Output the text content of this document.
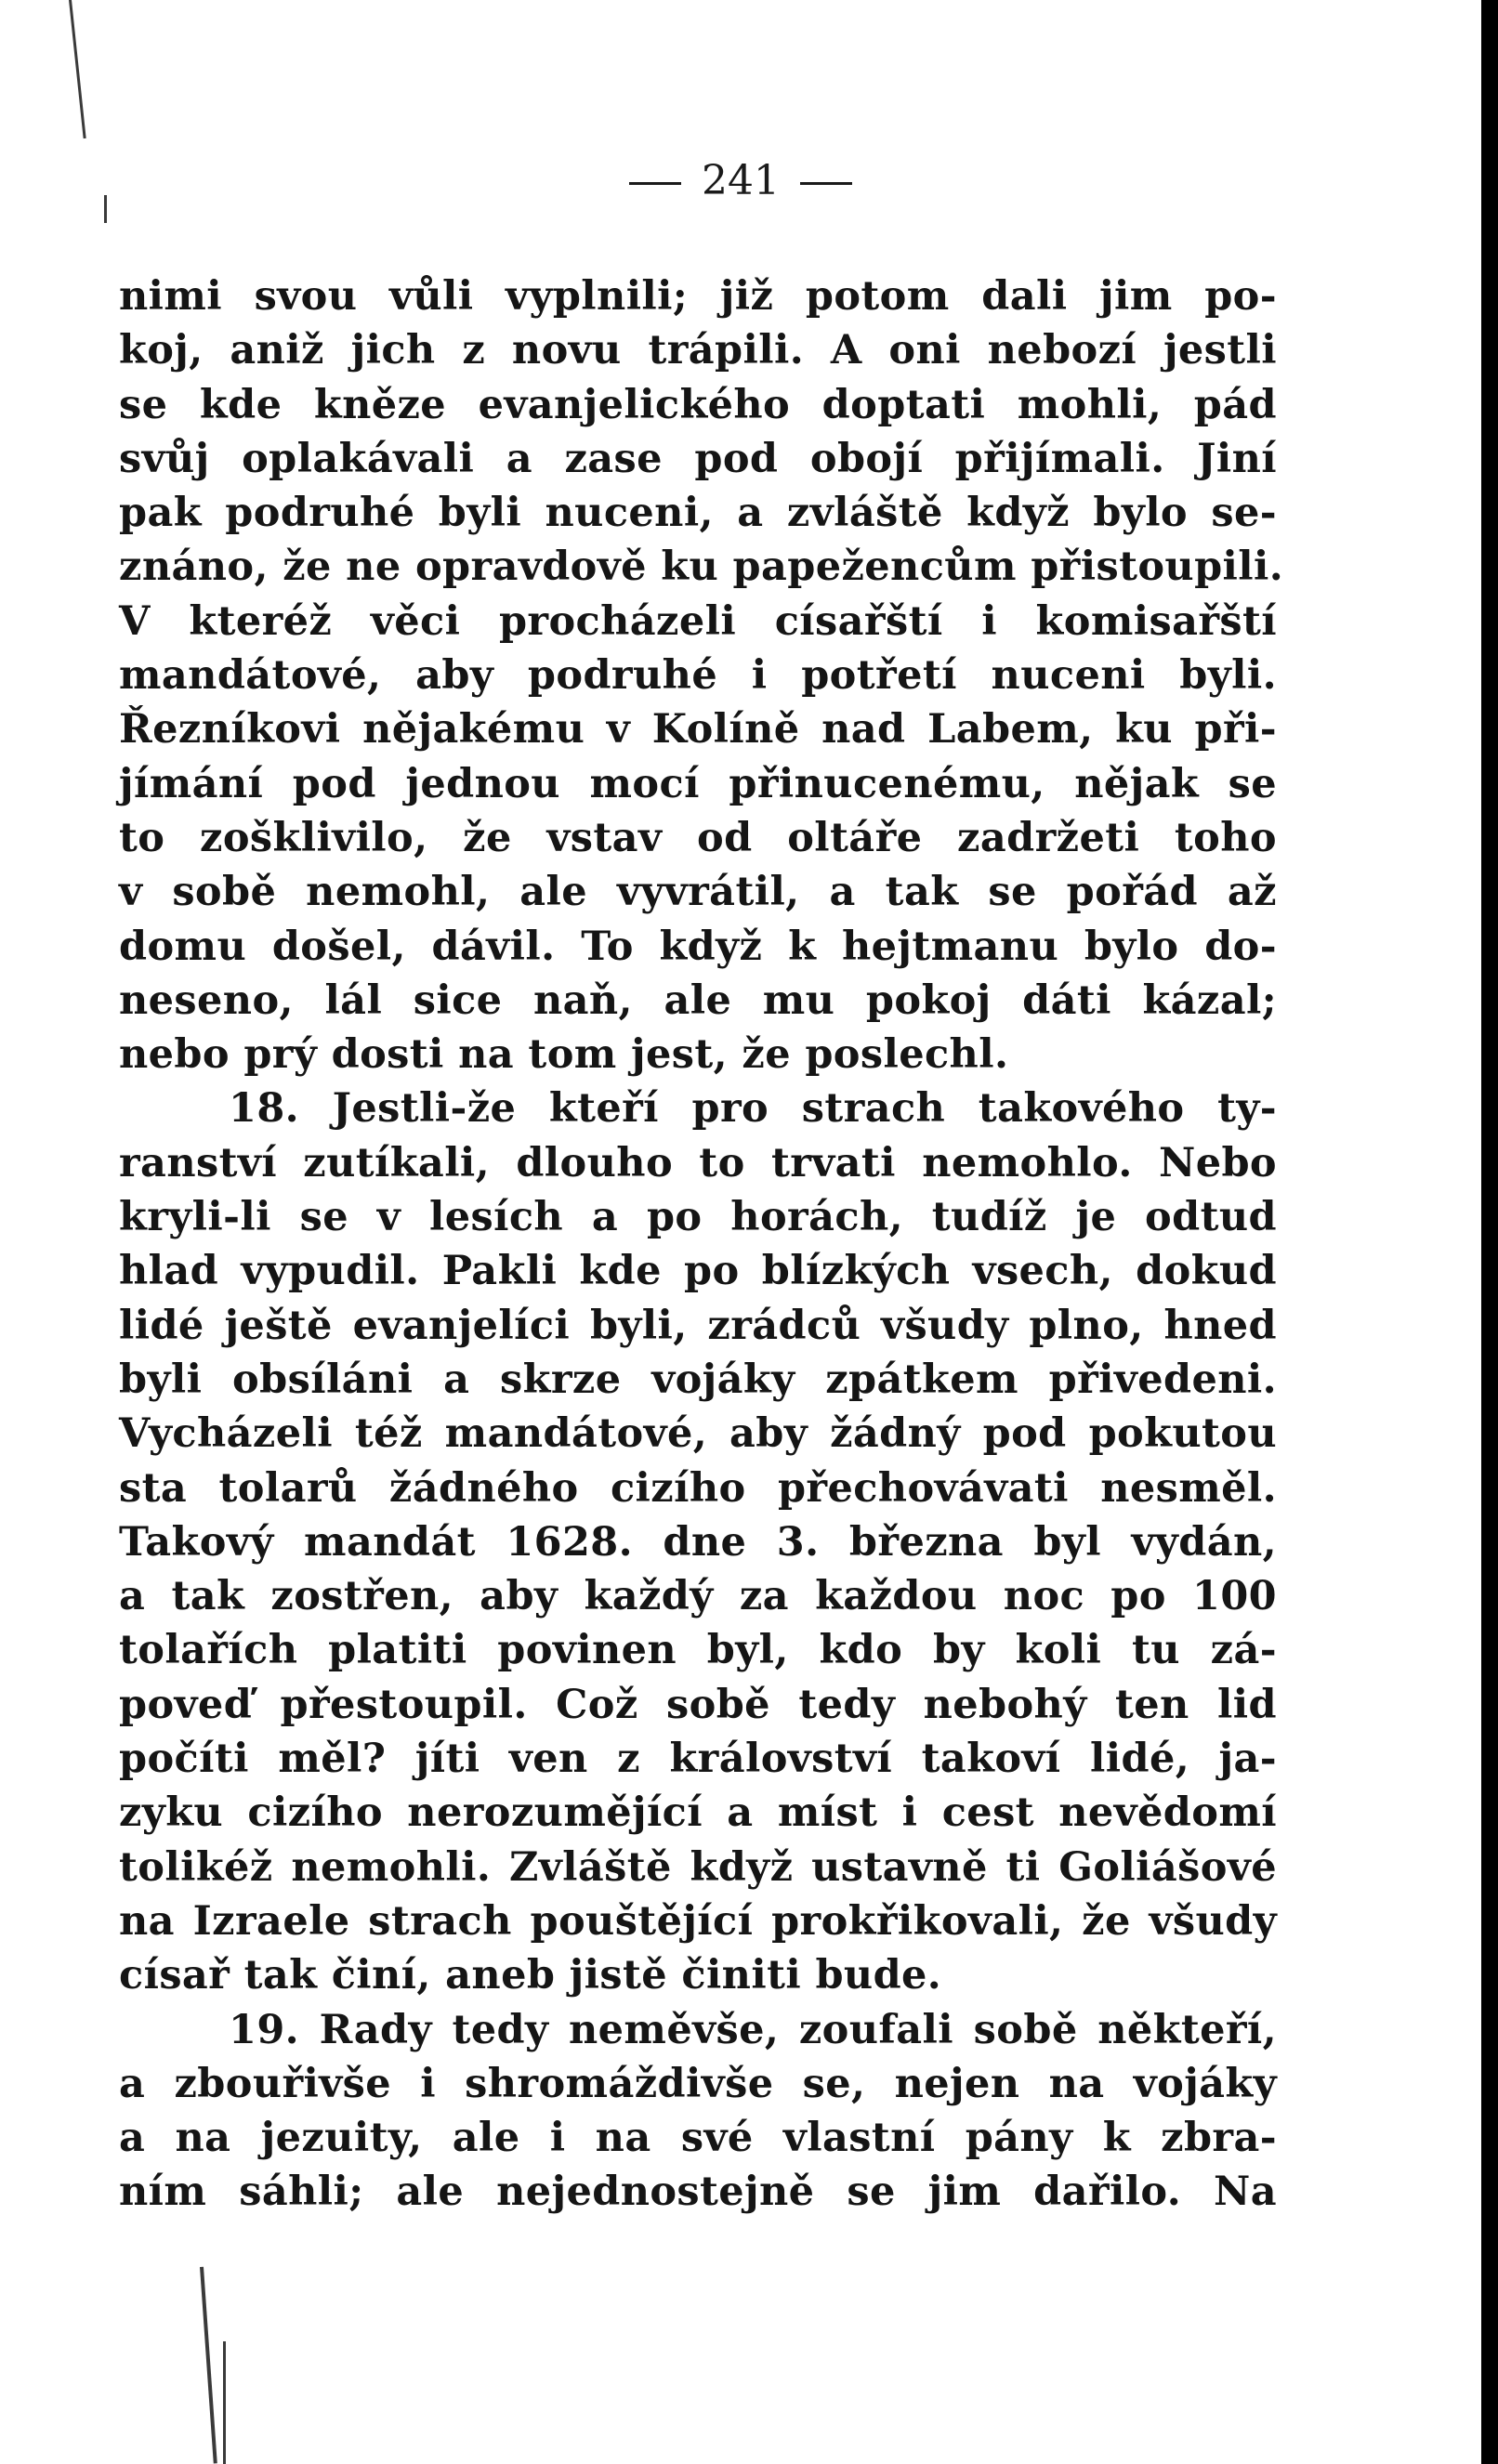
241
nimi svou vůli vyplnili; již potom dali jim po-
koj, aniž jich z novu trápili. A oni nebozí jestli
se kde kněze evanjelického doptati mohli, pád
svůj oplakávali a zase pod obojí přijímali. Jiní
pak podruhé byli nuceni, a zvláště když bylo se-
znáno, že ne opravdově ku papežencům přistoupili.
V kteréž věci procházeli císařští i komisařští
mandátové, aby podruhé i potřetí nuceni byli.
Řezníkovi nějakému v Kolíně nad Labem, ku při-
jímání pod jednou mocí přinucenému, nějak se
to zošklivilo, že vstav od oltáře zadržeti toho
v sobě nemohl, ale vyvrátil, a tak se pořád až
domu došel, dávil. To když k hejtmanu bylo do-
neseno, lál sice naň, ale mu pokoj dáti kázal;
nebo prý dosti na tom jest, že poslechl.
18. Jestli-že kteří pro strach takového ty-
ranství zutíkali, dlouho to trvati nemohlo. Nebo
kryli-li se v lesích a po horách, tudíž je odtud
hlad vypudil. Pakli kde po blízkých vsech, dokud
lidé ještě evanjelíci byli, zrádců všudy plno, hned
byli obsíláni a skrze vojáky zpátkem přivedeni.
Vycházeli též mandátové, aby žádný pod pokutou
sta tolarů žádného cizího přechovávati nesměl.
Takový mandát 1628. dne 3. března byl vydán,
a tak zostřen, aby každý za každou noc po 100
tolařích platiti povinen byl, kdo by koli tu zá-
poveď přestoupil. Což sobě tedy nebohý ten lid
počíti měl? jíti ven z království takoví lidé, ja-
zyku cizího nerozumějící a míst i cest nevědomí
tolikéž nemohli. Zvláště když ustavně ti Goliášové
na Izraele strach pouštějící prokřikovali, že všudy
císař tak činí, aneb jistě činiti bude.
19. Rady tedy neměvše, zoufali sobě někteří,
a zbouřivše i shromáždivše se, nejen na vojáky
a na jezuity, ale i na své vlastní pány k zbra-
ním sáhli; ale nejednostejně se jim dařilo. Na
